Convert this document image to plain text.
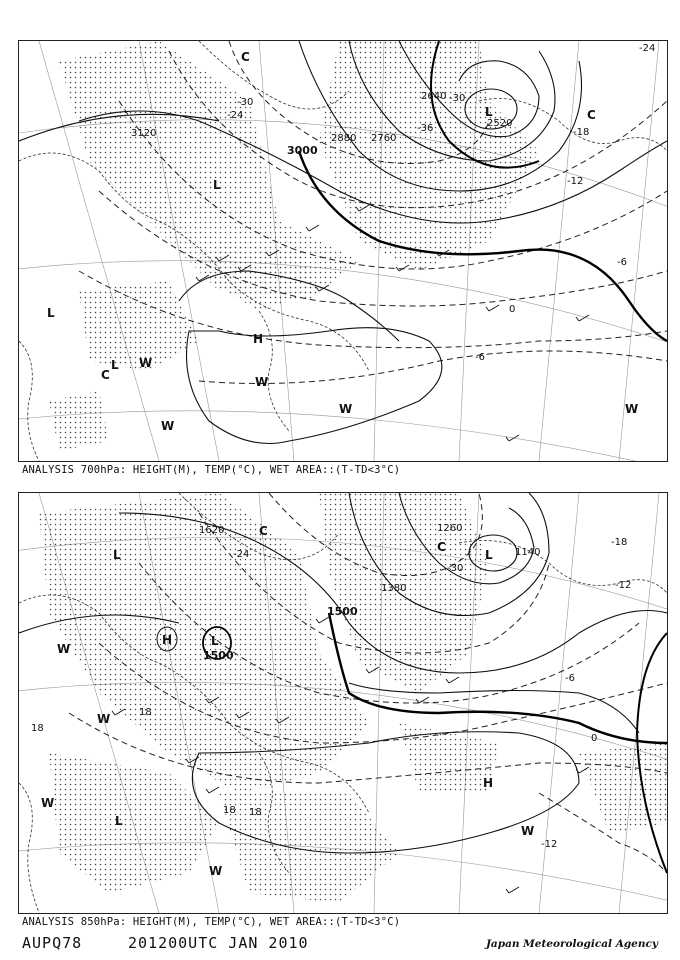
3120
3000
2880 2760
2640
2520
-36
-30	-30
-24
-24
-18
-12
-6
0
-6
L
L
L
L
H
C
C
C
W
W
W
W
W
ANALYSIS 700hPa: HEIGHT(M), TEMP(°C), WET AREA::(T-TD<3°C)
1620
1500
1500
1380
1260
1140
-30
-24
-18
-12
-6
0
-12
18
18
18 18
L
L
L
L
H
H
C
C
W
W
W
W
W
ANALYSIS 850hPa: HEIGHT(M), TEMP(°C), WET AREA::(T-TD<3°C)
AUPQ78	201200UTC JAN 2010	Japan Meteorological Agency
